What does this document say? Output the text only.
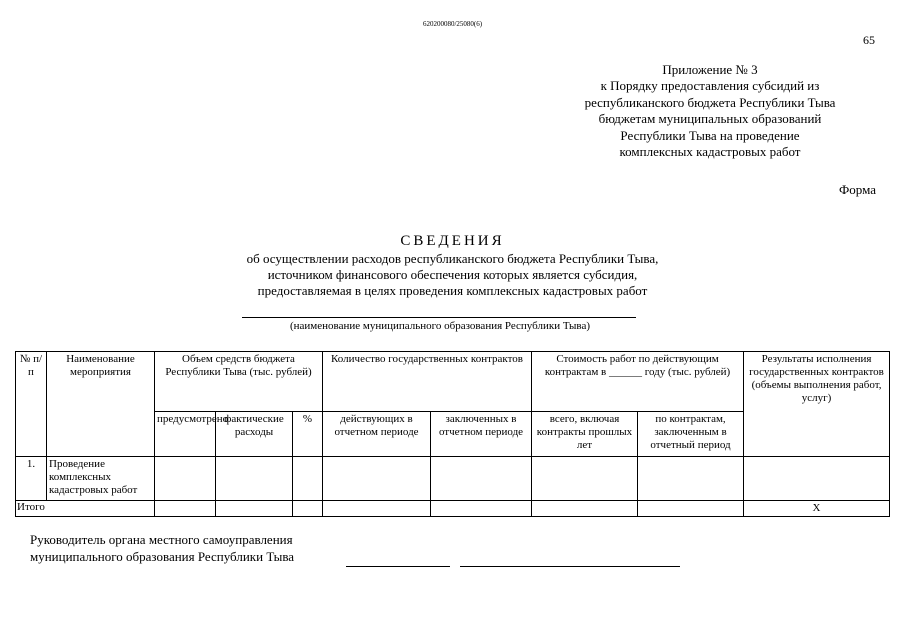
620200080/25080(6)
65
Приложение № 3
к Порядку предоставления субсидий из
республиканского бюджета Республики Тыва
бюджетам муниципальных образований
Республики Тыва на проведение
комплексных кадастровых работ
Форма
СВЕДЕНИЯ
об осуществлении расходов республиканского бюджета Республики Тыва,
источником финансового обеспечения которых является субсидия,
предоставляемая в целях проведения комплексных кадастровых работ
(наименование муниципального образования Республики Тыва)
№ п/п	Наименование мероприятия	Объем средств бюджета Республики Тыва (тыс. рублей)			Количество государственных контрактов		Стоимость работ по действующим контрактам в ______ году (тыс. рублей)		Результаты исполнения государственных контрактов (объемы выполнения работ, услуг)
		предусмотрено	фактические расходы	%	действующих в отчетном периоде	заключенных в отчетном периоде	всего, включая контракты прошлых лет	по контрактам, заключенным в отчетный период	
1.	Проведение комплексных кадастровых работ								
Итого									Х
Руководитель органа местного самоуправления
муниципального образования Республики Тыва
